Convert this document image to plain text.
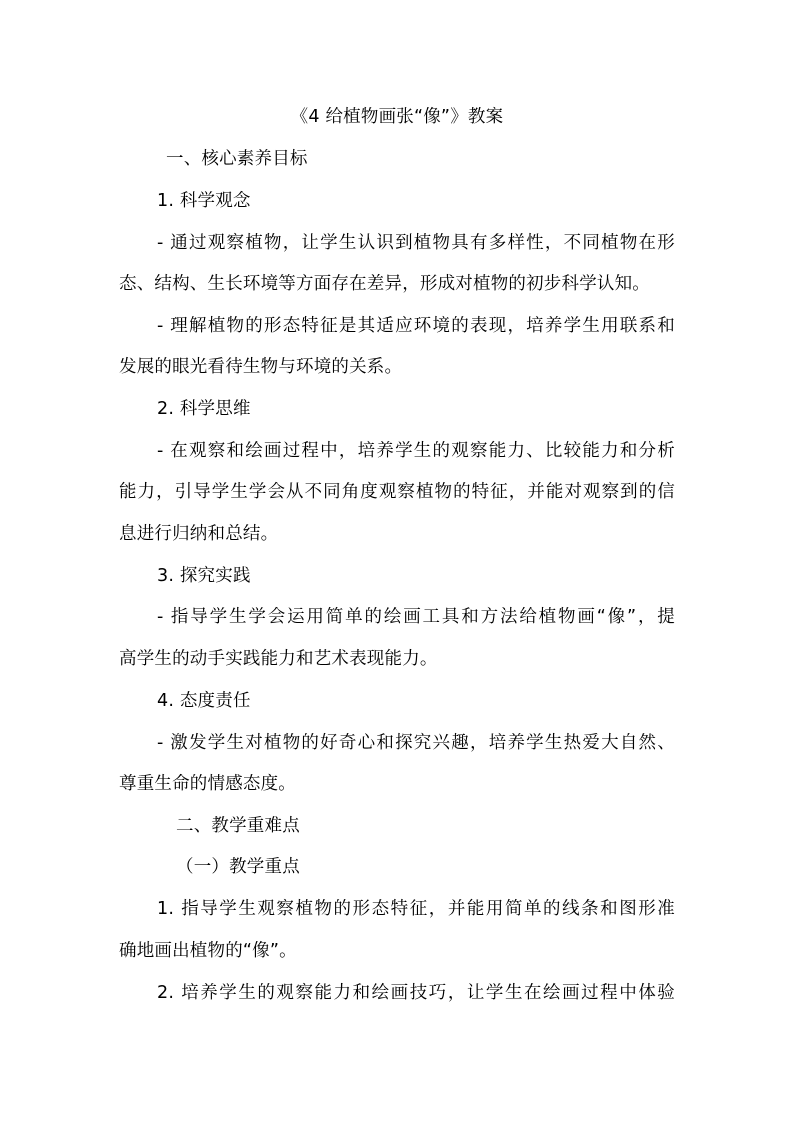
《4 给植物画张“像”》教案
一、核心素养目标
1. 科学观念
- 通过观察植物，让学生认识到植物具有多样性，不同植物在形
态、结构、生长环境等方面存在差异，形成对植物的初步科学认知。
- 理解植物的形态特征是其适应环境的表现，培养学生用联系和
发展的眼光看待生物与环境的关系。
2. 科学思维
- 在观察和绘画过程中，培养学生的观察能力、比较能力和分析
能力，引导学生学会从不同角度观察植物的特征，并能对观察到的信
息进行归纳和总结。
3. 探究实践
- 指导学生学会运用简单的绘画工具和方法给植物画“像”，提
高学生的动手实践能力和艺术表现能力。
4. 态度责任
- 激发学生对植物的好奇心和探究兴趣，培养学生热爱大自然、
尊重生命的情感态度。
二、教学重难点
（一）教学重点
1. 指导学生观察植物的形态特征，并能用简单的线条和图形准
确地画出植物的“像”。
2. 培养学生的观察能力和绘画技巧，让学生在绘画过程中体验
